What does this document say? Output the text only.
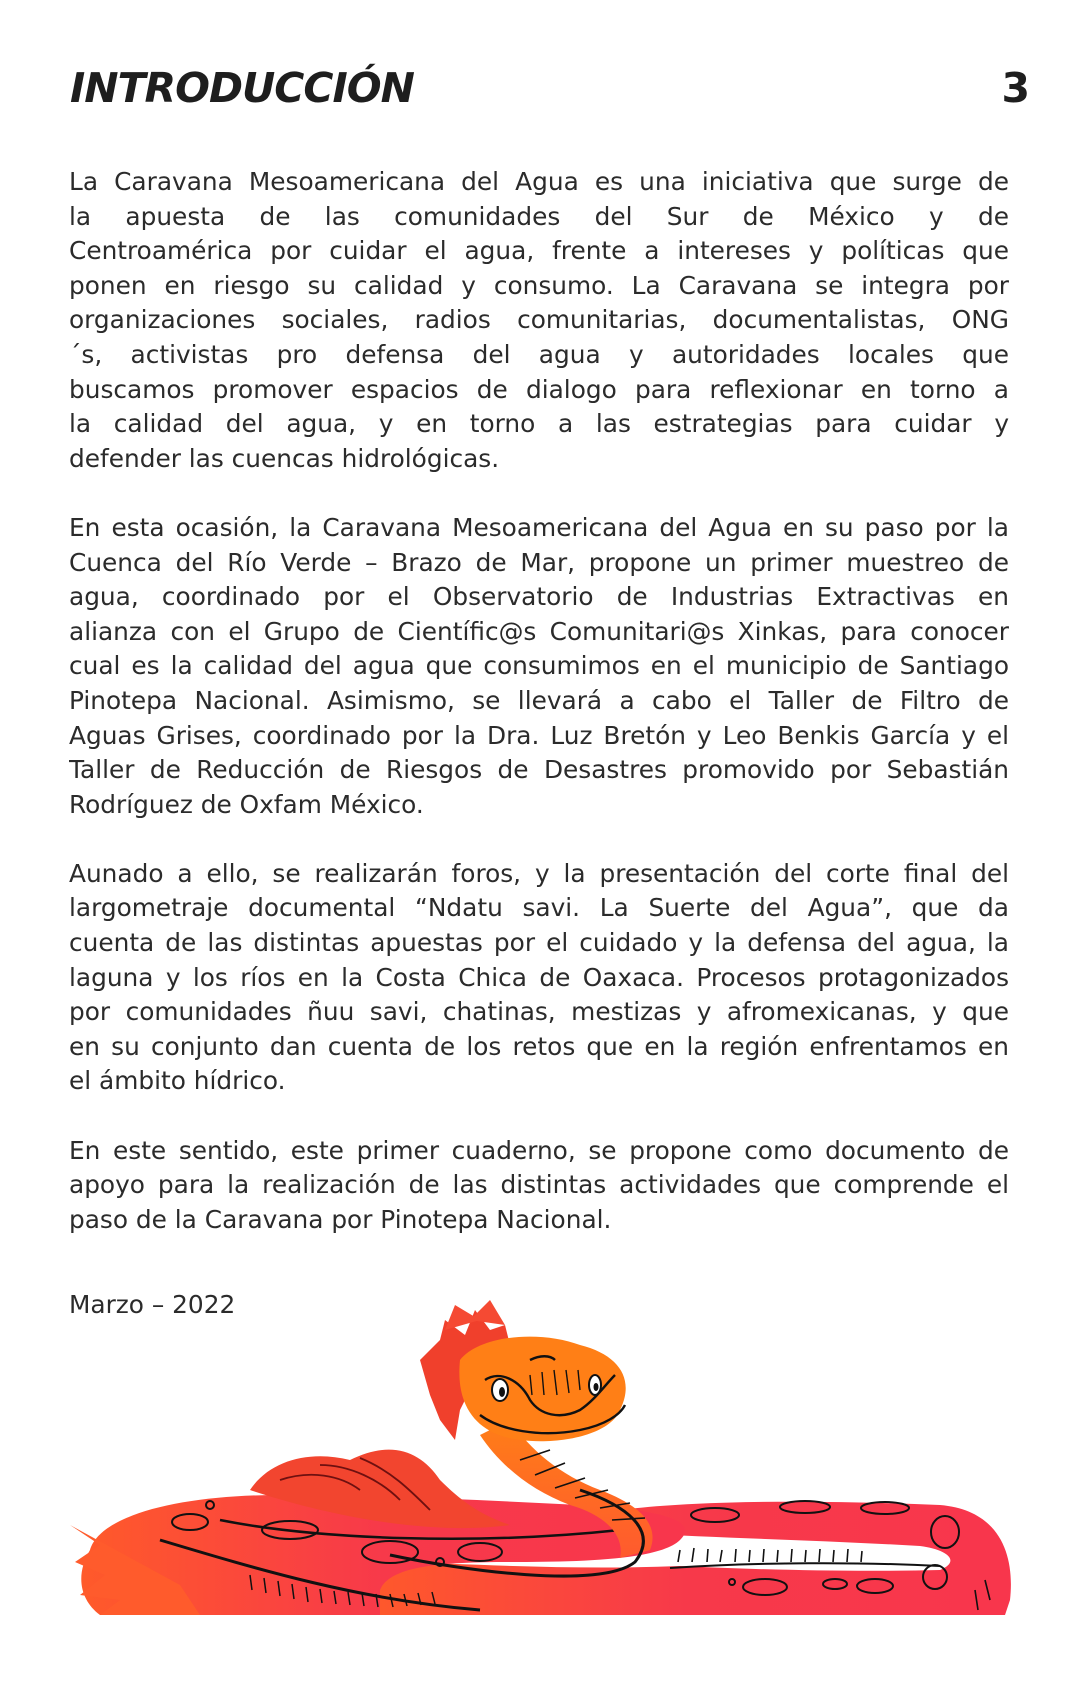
INTRODUCCIÓN	3

La Caravana Mesoamericana del Agua es una iniciativa que surge de
la apuesta de las comunidades del Sur de México y de
Centroamérica por cuidar el agua, frente a intereses y políticas que
ponen en riesgo su calidad y consumo. La Caravana se integra por
organizaciones sociales, radios comunitarias, documentalistas, ONG
´s, activistas pro defensa del agua y autoridades locales que
buscamos promover espacios de dialogo para reflexionar en torno a
la calidad del agua, y en torno a las estrategias para cuidar y
defender las cuencas hidrológicas.

En esta ocasión, la Caravana Mesoamericana del Agua en su paso por la
Cuenca del Río Verde – Brazo de Mar, propone un primer muestreo de
agua, coordinado por el Observatorio de Industrias Extractivas en
alianza con el Grupo de Científic@s Comunitari@s Xinkas, para conocer
cual es la calidad del agua que consumimos en el municipio de Santiago
Pinotepa Nacional. Asimismo, se llevará a cabo el Taller de Filtro de
Aguas Grises, coordinado por la Dra. Luz Bretón y Leo Benkis García y el
Taller de Reducción de Riesgos de Desastres promovido por Sebastián
Rodríguez de Oxfam México.

Aunado a ello, se realizarán foros, y la presentación del corte final del
largometraje documental “Ndatu savi. La Suerte del Agua”, que da
cuenta de las distintas apuestas por el cuidado y la defensa del agua, la
laguna y los ríos en la Costa Chica de Oaxaca. Procesos protagonizados
por comunidades ñuu savi, chatinas, mestizas y afromexicanas, y que
en su conjunto dan cuenta de los retos que en la región enfrentamos en
el ámbito hídrico.

En este sentido, este primer cuaderno, se propone como documento de
apoyo para la realización de las distintas actividades que comprende el
paso de la Caravana por Pinotepa Nacional.

Marzo – 2022
